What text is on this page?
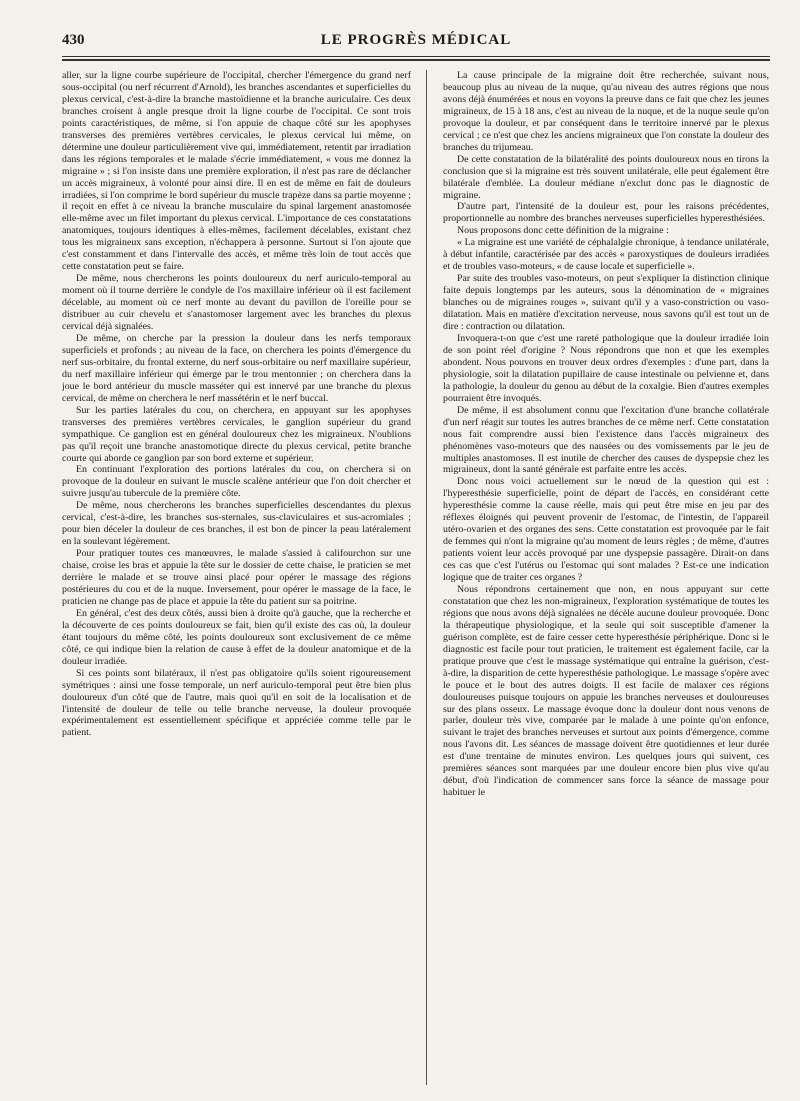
430	LE PROGRÈS MÉDICAL

aller, sur la ligne courbe supérieure de l'occipital, chercher l'émergence du grand nerf sous-occipital (ou nerf récurrent d'Arnold), les branches ascendantes et superficielles du plexus cervical, c'est-à-dire la branche mastoïdienne et la branche auriculaire. Ces deux branches croisent à angle presque droit la ligne courbe de l'occipital. Ce sont trois points caractéristiques, de même, si l'on appuie de chaque côté sur les apophyses transverses des premières vertèbres cervicales, le plexus cervical lui même, on détermine une douleur particulièrement vive qui, immédiatement, retentit par irradiation dans les régions temporales et le malade s'écrie immédiatement, « vous me donnez la migraine » ; si l'on insiste dans une première exploration, il n'est pas rare de déclancher un accès migraineux, à volonté pour ainsi dire. Il en est de même en fait de douleurs irradiées, si l'on comprime le bord supérieur du muscle trapèze dans sa partie moyenne ; il reçoit en effet à ce niveau la branche musculaire du spinal largement anastomosée elle-même avec un filet important du plexus cervical. L'importance de ces constatations anatomiques, toujours identiques à elles-mêmes, facilement décelables, existant chez tous les migraineux sans exception, n'échappera à personne. Surtout si l'on ajoute que c'est constamment et dans l'intervalle des accès, et même très loin de tout accès que cette constatation peut se faire.

De même, nous chercherons les points douloureux du nerf auriculo-temporal au moment où il tourne derrière le condyle de l'os maxillaire inférieur où il est facilement décelable, au moment où ce nerf monte au devant du pavillon de l'oreille pour se distribuer au cuir chevelu et s'anastomoser largement avec les branches du plexus cervical déjà signalées.

De même, on cherche par la pression la douleur dans les nerfs temporaux superficiels et profonds ; au niveau de la face, on cherchera les points d'émergence du nerf sus-orbitaire, du frontal externe, du nerf sous-orbitaire ou nerf maxillaire supérieur, du nerf maxillaire inférieur qui émerge par le trou mentonnier ; on cherchera dans la joue le bord antérieur du muscle masséter qui est innervé par une branche du plexus cervical, de même on cherchera le nerf massétérin et le nerf buccal.

Sur les parties latérales du cou, on cherchera, en appuyant sur les apophyses transverses des premières vertèbres cervicales, le ganglion supérieur du grand sympathique. Ce ganglion est en général douloureux chez les migraineux. N'oublions pas qu'il reçoit une branche anastomotique directe du plexus cervical, petite branche courte qui aborde ce ganglion par son bord externe et supérieur.

En continuant l'exploration des portions latérales du cou, on cherchera si on provoque de la douleur en suivant le muscle scalène antérieur que l'on doit chercher et suivre jusqu'au tubercule de la première côte.

De même, nous chercherons les branches superficielles descendantes du plexus cervical, c'est-à-dire, les branches sus-sternales, sus-claviculaires et sus-acromiales ; pour bien déceler la douleur de ces branches, il est bon de pincer la peau latéralement en la soulevant légèrement.

Pour pratiquer toutes ces manœuvres, le malade s'assied à califourchon sur une chaise, croise les bras et appuie la tête sur le dossier de cette chaise, le praticien se met derrière le malade et se trouve ainsi placé pour opérer le massage des régions postérieures du cou et de la nuque. Inversement, pour opérer le massage de la face, le praticien ne change pas de place et appuie la tête du patient sur sa poitrine.

En général, c'est des deux côtés, aussi bien à droite qu'à gauche, que la recherche et la découverte de ces points douloureux se fait, bien qu'il existe des cas où, la douleur étant toujours du même côté, les points douloureux sont exclusivement de ce même côté, ce qui indique bien la relation de cause à effet de la douleur anatomique et de la douleur irradiée.

Si ces points sont bilatéraux, il n'est pas obligatoire qu'ils soient rigoureusement symétriques : ainsi une fosse temporale, un nerf auriculo-temporal peut être bien plus douloureux d'un côté que de l'autre, mais quoi qu'il en soit de la localisation et de l'intensité de douleur de telle ou telle branche nerveuse, la douleur provoquée expérimentalement est essentiellement spécifique et appréciée comme telle par le patient.

La cause principale de la migraine doit être recherchée, suivant nous, beaucoup plus au niveau de la nuque, qu'au niveau des autres régions que nous avons déjà énumérées et nous en voyons la preuve dans ce fait que chez les jeunes migraineux, de 15 à 18 ans, c'est au niveau de la nuque, et de la nuque seule qu'on provoque la douleur, et par conséquent dans le territoire innervé par le plexus cervical ; ce n'est que chez les anciens migraineux que l'on constate la douleur des branches du trijumeau.

De cette constatation de la bilatéralité des points douloureux nous en tirons la conclusion que si la migraine est très souvent unilatérale, elle peut également être bilatérale d'emblée. La douleur médiane n'exclut donc pas le diagnostic de migraine.

D'autre part, l'intensité de la douleur est, pour les raisons précédentes, proportionnelle au nombre des branches nerveuses superficielles hyperesthésiées.

Nous proposons donc cette définition de la migraine :

« La migraine est une variété de céphalalgie chronique, à tendance unilatérale, à début infantile, caractérisée par des accès « paroxystiques de douleurs irradiées et de troubles vaso-moteurs, « de cause locale et superficielle ».

Par suite des troubles vaso-moteurs, on peut s'expliquer la distinction clinique faite depuis longtemps par les auteurs, sous la dénomination de « migraines blanches ou de migraines rouges », suivant qu'il y a vaso-constriction ou vaso-dilatation. Mais en matière d'excitation nerveuse, nous savons qu'il est tout un de dire : contraction ou dilatation.

Invoquera-t-on que c'est une rareté pathologique que la douleur irradiée loin de son point réel d'origine ? Nous répondrons que non et que les exemples abondent. Nous pouvons en trouver deux ordres d'exemples : d'une part, dans la physiologie, soit la dilatation pupillaire de cause intestinale ou pelvienne et, dans la pathologie, la douleur du genou au début de la coxalgie. Bien d'autres exemples pourraient être invoqués.

De même, il est absolument connu que l'excitation d'une branche collatérale d'un nerf réagit sur toutes les autres branches de ce même nerf. Cette constatation nous fait comprendre aussi bien l'existence dans l'accès migraineux des phénomènes vaso-moteurs que des nausées ou des vomissements par le jeu de multiples anastomoses. Il est inutile de chercher des causes de dyspepsie chez les migraineux, dont la santé générale est parfaite entre les accès.

Donc nous voici actuellement sur le nœud de la question qui est : l'hyperesthésie superficielle, point de départ de l'accès, en considérant cette hyperesthésie comme la cause réelle, mais qui peut être mise en jeu par des réflexes éloignés qui peuvent provenir de l'estomac, de l'intestin, de l'appareil utéro-ovarien et des organes des sens. Cette constatation est provoquée par le fait de femmes qui n'ont la migraine qu'au moment de leurs règles ; de même, d'autres patients voient leur accès provoqué par une dyspepsie passagère. Dirait-on dans ces cas que c'est l'utérus ou l'estomac qui sont malades ? Est-ce une indication logique que de traiter ces organes ?

Nous répondrons certainement que non, en nous appuyant sur cette constatation que chez les non-migraineux, l'exploration systématique de toutes les régions que nous avons déjà signalées ne décèle aucune douleur provoquée. Donc la thérapeutique physiologique, et la seule qui soit susceptible d'amener la guérison complète, est de faire cesser cette hyperesthésie périphérique. Donc si le diagnostic est facile pour tout praticien, le traitement est également facile, car la pratique prouve que c'est le massage systématique qui entraîne la guérison, c'est-à-dire, la disparition de cette hyperesthésie pathologique. Le massage s'opère avec le pouce et le bout des autres doigts. Il est facile de malaxer ces régions douloureuses puisque toujours on appuie les branches nerveuses et douloureuses sur des plans osseux. Le massage évoque donc la douleur dont nous venons de parler, douleur très vive, comparée par le malade à une pointe qu'on enfonce, suivant le trajet des branches nerveuses et surtout aux points d'émergence, comme nous l'avons dit. Les séances de massage doivent être quotidiennes et leur durée est d'une trentaine de minutes environ. Les quelques jours qui suivent, ces premières séances sont marquées par une douleur encore bien plus vive qu'au début, d'où l'indication de commencer sans force la séance de massage pour habituer le
